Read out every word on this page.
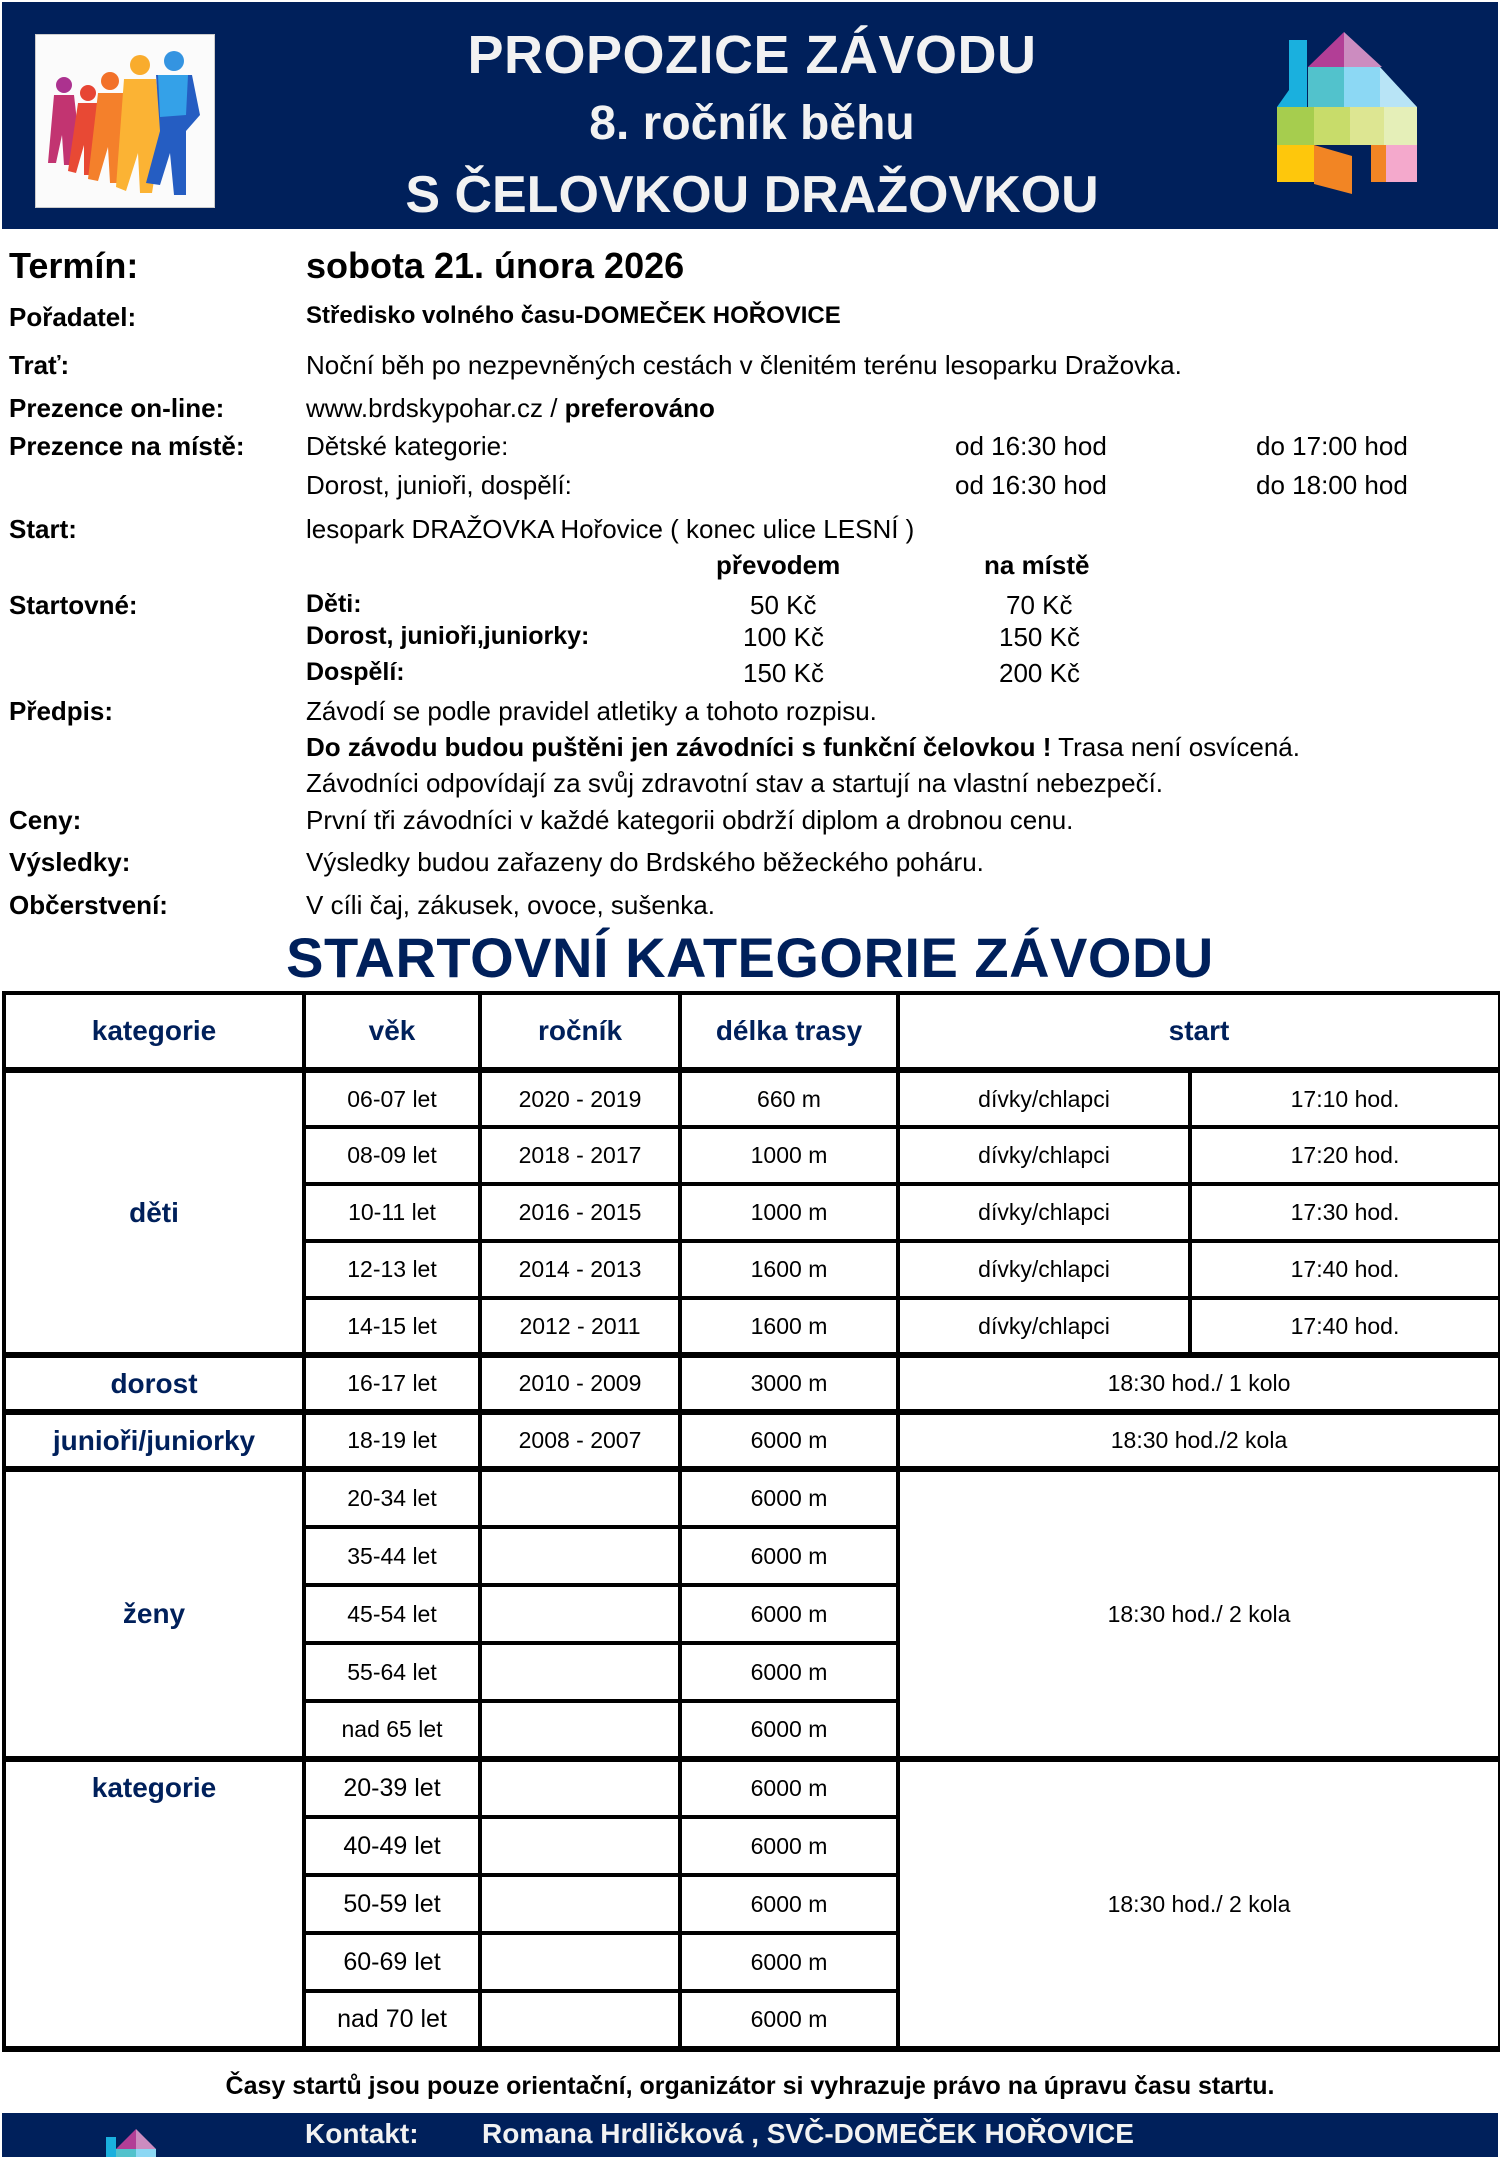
PROPOZICE ZÁVODU
8. ročník běhu
S ČELOVKOU DRAŽOVKOU
Termín:	sobota 21. února 2026
Pořadatel:	Středisko volného času-DOMEČEK HOŘOVICE
Trať:	Noční běh po nezpevněných cestách v členitém terénu lesoparku Dražovka.
Prezence on-line:	www.brdskypohar.cz / preferováno
Prezence na místě: Dětské kategorie:	od 16:30 hod	do 17:00 hod
Dorost, junioři, dospělí:	od 16:30 hod	do 18:00 hod
Start:	lesopark DRAŽOVKA Hořovice ( konec ulice LESNÍ )
převodem	na místě
Startovné:	Děti:	50 Kč	70 Kč
Dorost, junioři,juniorky:	100 Kč	150 Kč
Dospělí:	150 Kč	200 Kč
Předpis:	Závodí se podle pravidel atletiky a tohoto rozpisu.
Do závodu budou puštěni jen závodníci s funkční čelovkou ! Trasa není osvícená.
Závodníci odpovídají za svůj zdravotní stav a startují na vlastní nebezpečí.
Ceny:	První tři závodníci v každé kategorii obdrží diplom a drobnou cenu.
Výsledky:	Výsledky budou zařazeny do Brdského běžeckého poháru.
Občerstvení:	V cíli čaj, zákusek, ovoce, sušenka.
STARTOVNÍ KATEGORIE ZÁVODU
kategorie	věk	ročník	délka trasy	start	
děti	06-07 let	2020 - 2019	660 m	dívky/chlapci	17:10 hod.
	08-09 let	2018 - 2017	1000 m	dívky/chlapci	17:20 hod.
	10-11 let	2016 - 2015	1000 m	dívky/chlapci	17:30 hod.
	12-13 let	2014 - 2013	1600 m	dívky/chlapci	17:40 hod.
	14-15 let	2012 - 2011	1600 m	dívky/chlapci	17:40 hod.
dorost	16-17 let	2010 - 2009	3000 m	18:30 hod./ 1 kolo	
junioři/juniorky	18-19 let	2008 - 2007	6000 m	18:30 hod./2 kola	
ženy	20-34 let		6000 m	18:30 hod./ 2 kola	
	35-44 let		6000 m		
	45-54 let		6000 m		
	55-64 let		6000 m		
	nad 65 let		6000 m		
kategorie	20-39 let		6000 m	18:30 hod./ 2 kola	
	40-49 let		6000 m		
	50-59 let		6000 m		
	60-69 let		6000 m		
	nad 70 let		6000 m		
Časy startů jsou pouze orientační, organizátor si vyhrazuje právo na úpravu času startu.
Kontakt: Romana Hrdličková , SVČ-DOMEČEK HOŘOVICE
